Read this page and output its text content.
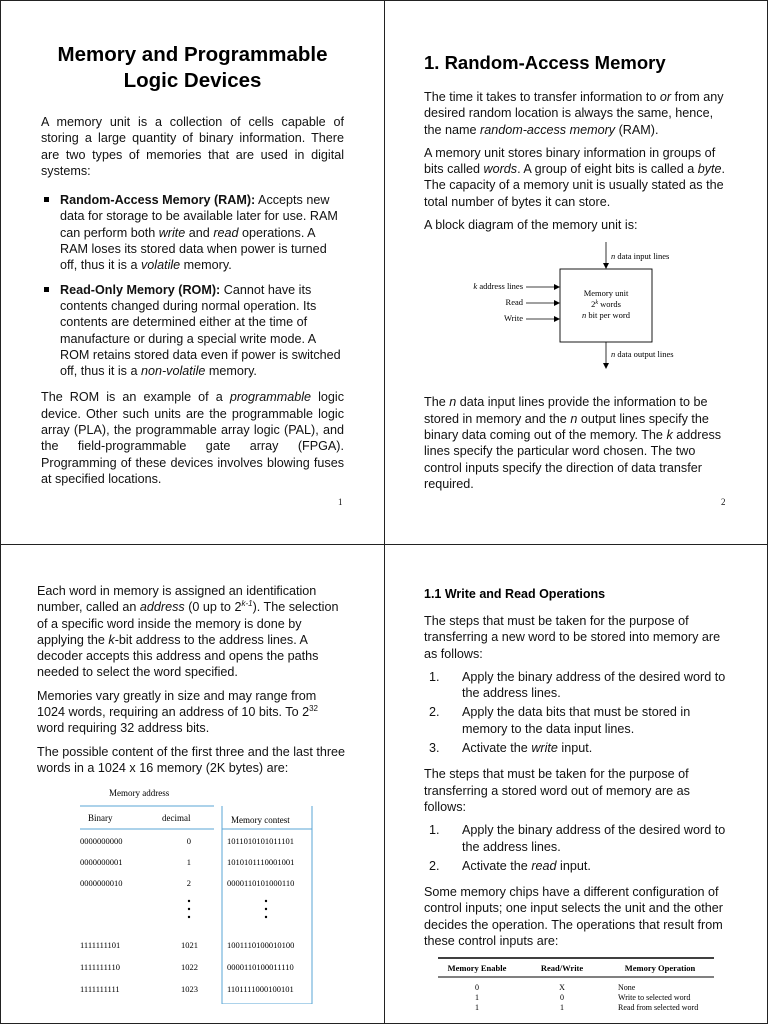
Memory and Programmable
Logic Devices

A memory unit is a collection of cells capable of storing a large quantity of binary information. There are two types of memories that are used in digital systems:

Random-Access Memory (RAM): Accepts new data for storage to be available later for use. RAM can perform both write and read operations. A RAM loses its stored data when power is turned off, thus it is a volatile memory.
Read-Only Memory (ROM): Cannot have its contents changed during normal operation. Its contents are determined either at the time of manufacture or during a special write mode. A ROM retains stored data even if power is switched off, thus it is a non-volatile memory.

The ROM is an example of a programmable logic device. Other such units are the programmable logic array (PLA), the programmable array logic (PAL), and the field-programmable gate array (FPGA). Programming of these devices involves blowing fuses at specified locations.

1
1. Random-Access Memory

The time it takes to transfer information to or from any desired random location is always the same, hence, the name random-access memory (RAM).

A memory unit stores binary information in groups of bits called words. A group of eight bits is called a byte. The capacity of a memory unit is usually stated as the total number of bytes it can store.

A block diagram of the memory unit is:

n data input lines
Memory unit
2$^k$ words
n bit per word
k address lines
Read
Write
n data output lines

The n data input lines provide the information to be stored in memory and the n output lines specify the binary data coming out of the memory. The k address lines specify the particular word chosen. The two control inputs specify the direction of data transfer required.

2

Each word in memory is assigned an identification number, called an address (0 up to 2$^{k-1}$). The selection of a specific word inside the memory is done by applying the k-bit address to the address lines. A decoder accepts this address and opens the paths needed to select the word specified.

Memories vary greatly in size and may range from 1024 words, requiring an address of 10 bits. To $2^{32}$ word requiring 32 address bits.

The possible content of the first three and the last three words in a 1024 x 16 memory (2K bytes) are:

Memory address
Binary	decimal	Memory contest
0000000000	0	1011010101011101
0000000001	1	1010101110001001
0000000010	2	0000110101000110
1111111101	1021	1001110100010100
1111111110	1022	0000110100011110
1111111111	1023	1101111000100101
1.1 Write and Read Operations

The steps that must be taken for the purpose of transferring a new word to be stored into memory are as follows:

1. Apply the binary address of the desired word to the address lines.
2. Apply the data bits that must be stored in memory to the data input lines.
3. Activate the write input.

The steps that must be taken for the purpose of transferring a stored word out of memory are as follows:

1. Apply the binary address of the desired word to the address lines.
2. Activate the read input.

Some memory chips have a different configuration of control inputs; one input selects the unit and the other decides the operation. The operations that result from these control inputs are:

Memory Enable	Read/Write	Memory Operation
0	X	None
1	0	Write to selected word
1	1	Read from selected word
